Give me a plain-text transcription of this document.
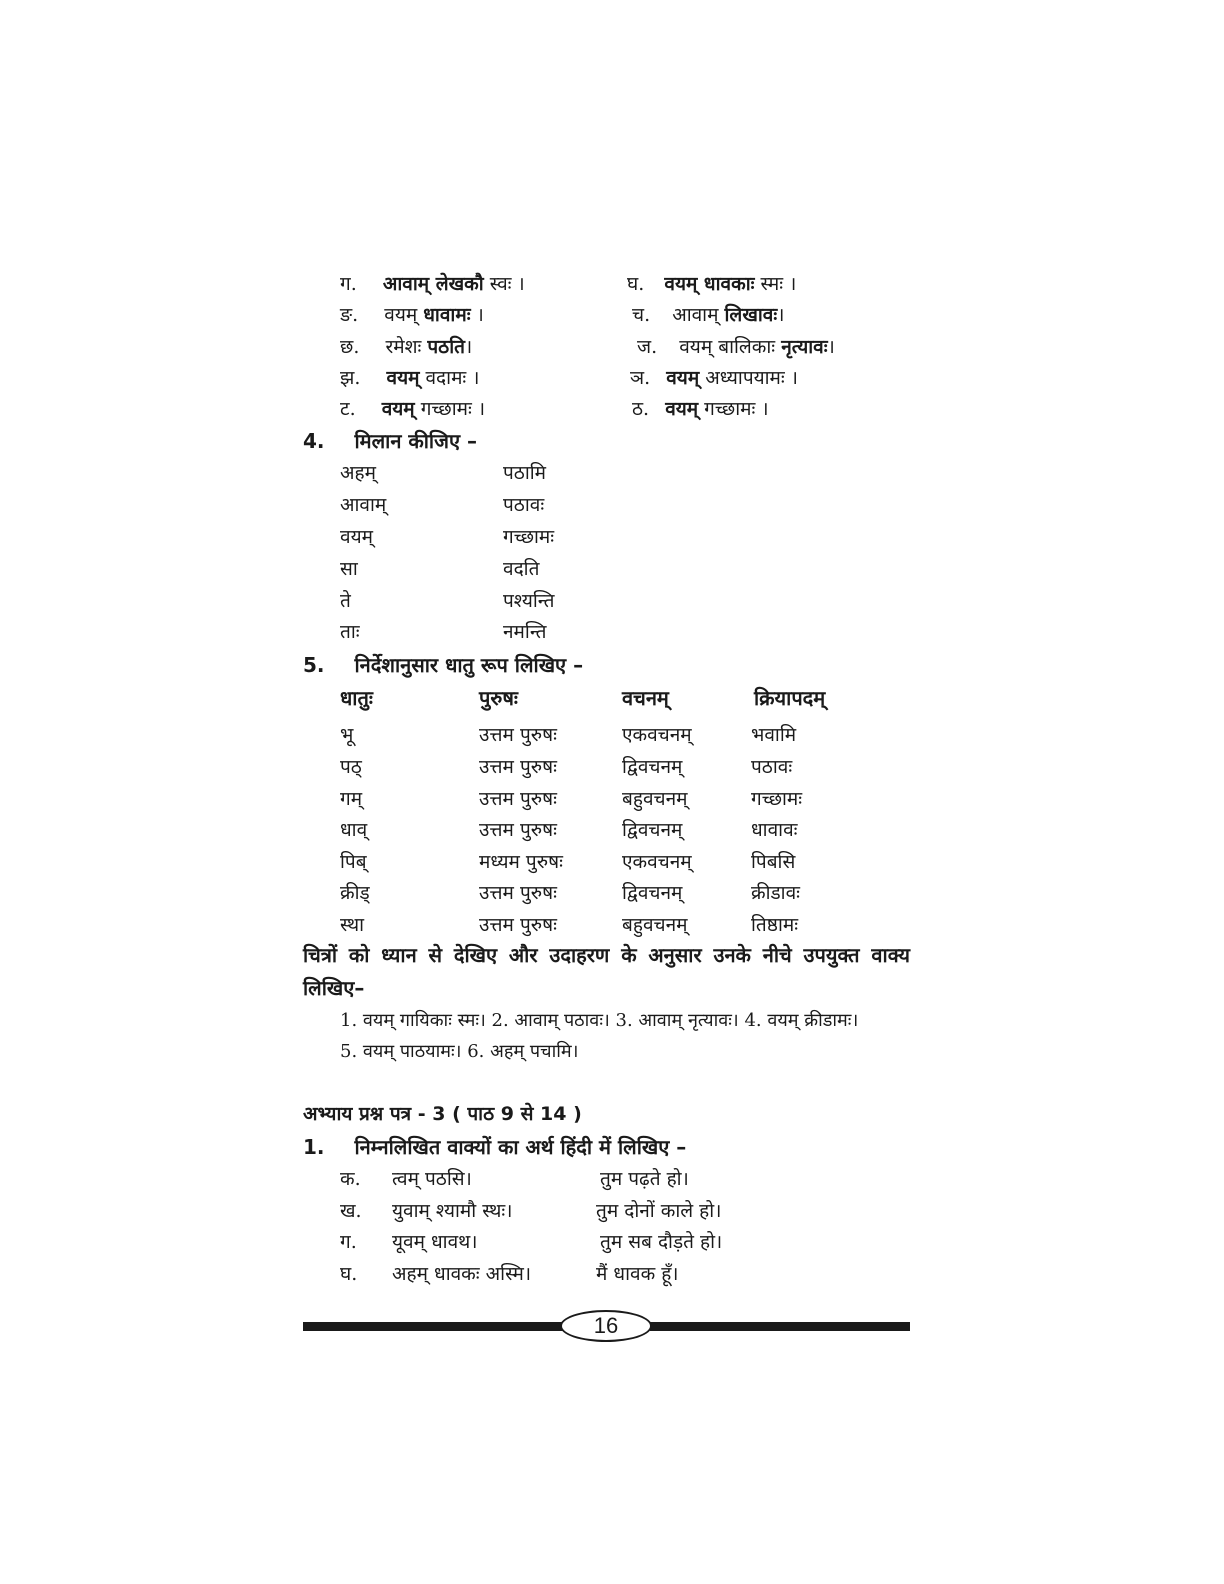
ग. आवाम् लेखकौ स्वः ।	घ. वयम् धावकाः स्मः ।
ङ. वयम् धावामः ।	च. आवाम् लिखावः।
छ. रमेशः पठति।	ज. वयम् बालिकाः नृत्यावः।
झ. वयम् वदामः ।	ञ. वयम् अध्यापयामः ।
ट. वयम् गच्छामः ।	ठ. वयम् गच्छामः ।
4. मिलान कीजिए –
अहम्	पठामि
आवाम्	पठावः
वयम्	गच्छामः
सा	वदति
ते	पश्यन्ति
ताः	नमन्ति
5. निर्देशानुसार धातु रूप लिखिए –
धातुः	पुरुषः	वचनम्	क्रियापदम्
भू	उत्तम पुरुषः	एकवचनम्	भवामि
पठ्	उत्तम पुरुषः	द्विवचनम्	पठावः
गम्	उत्तम पुरुषः	बहुवचनम्	गच्छामः
धाव्	उत्तम पुरुषः	द्विवचनम्	धावावः
पिब्	मध्यम पुरुषः	एकवचनम्	पिबसि
क्रीड्	उत्तम पुरुषः	द्विवचनम्	क्रीडावः
स्था	उत्तम पुरुषः	बहुवचनम्	तिष्ठामः
चित्रों को ध्यान से देखिए और उदाहरण के अनुसार उनके नीचे उपयुक्त वाक्य
लिखिए–
1. वयम् गायिकाः स्मः। 2. आवाम् पठावः। 3. आवाम् नृत्यावः। 4. वयम् क्रीडामः।
5. वयम् पाठयामः। 6. अहम् पचामि।
अभ्याय प्रश्न पत्र - 3 ( पाठ 9 से 14 )
1. निम्नलिखित वाक्यों का अर्थ हिंदी में लिखिए –
क. त्वम् पठसि।	तुम पढ़ते हो।
ख. युवाम् श्यामौ स्थः।	तुम दोनों काले हो।
ग. यूवम् धावथ।	तुम सब दौड़ते हो।
घ. अहम् धावकः अस्मि।	मैं धावक हूँ।
16
